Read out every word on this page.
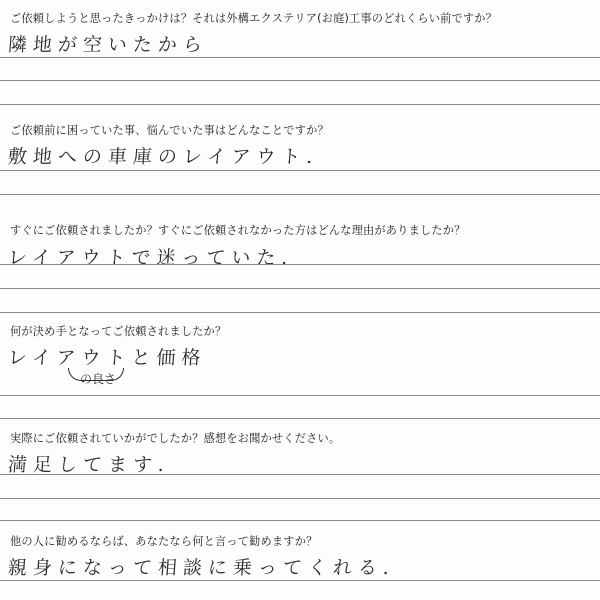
ご依頼しようと思ったきっかけは？それは外構エクステリア(お庭)工事のどれくらい前ですか？
隣地が空いたから
ご依頼前に困っていた事、悩んでいた事はどんなことですか？
敷地への車庫のレイアウト.
すぐにご依頼されましたか？すぐにご依頼されなかった方はどんな理由がありましたか？
レイアウトで迷っていた.
何が決め手となってご依頼されましたか？
レイアウトと価格
の良さ
実際にご依頼されていかがでしたか？感想をお聞かせください。
満足してます.
他の人に勧めるならば、あなたなら何と言って勧めますか？
親身になって相談に乗ってくれる.
